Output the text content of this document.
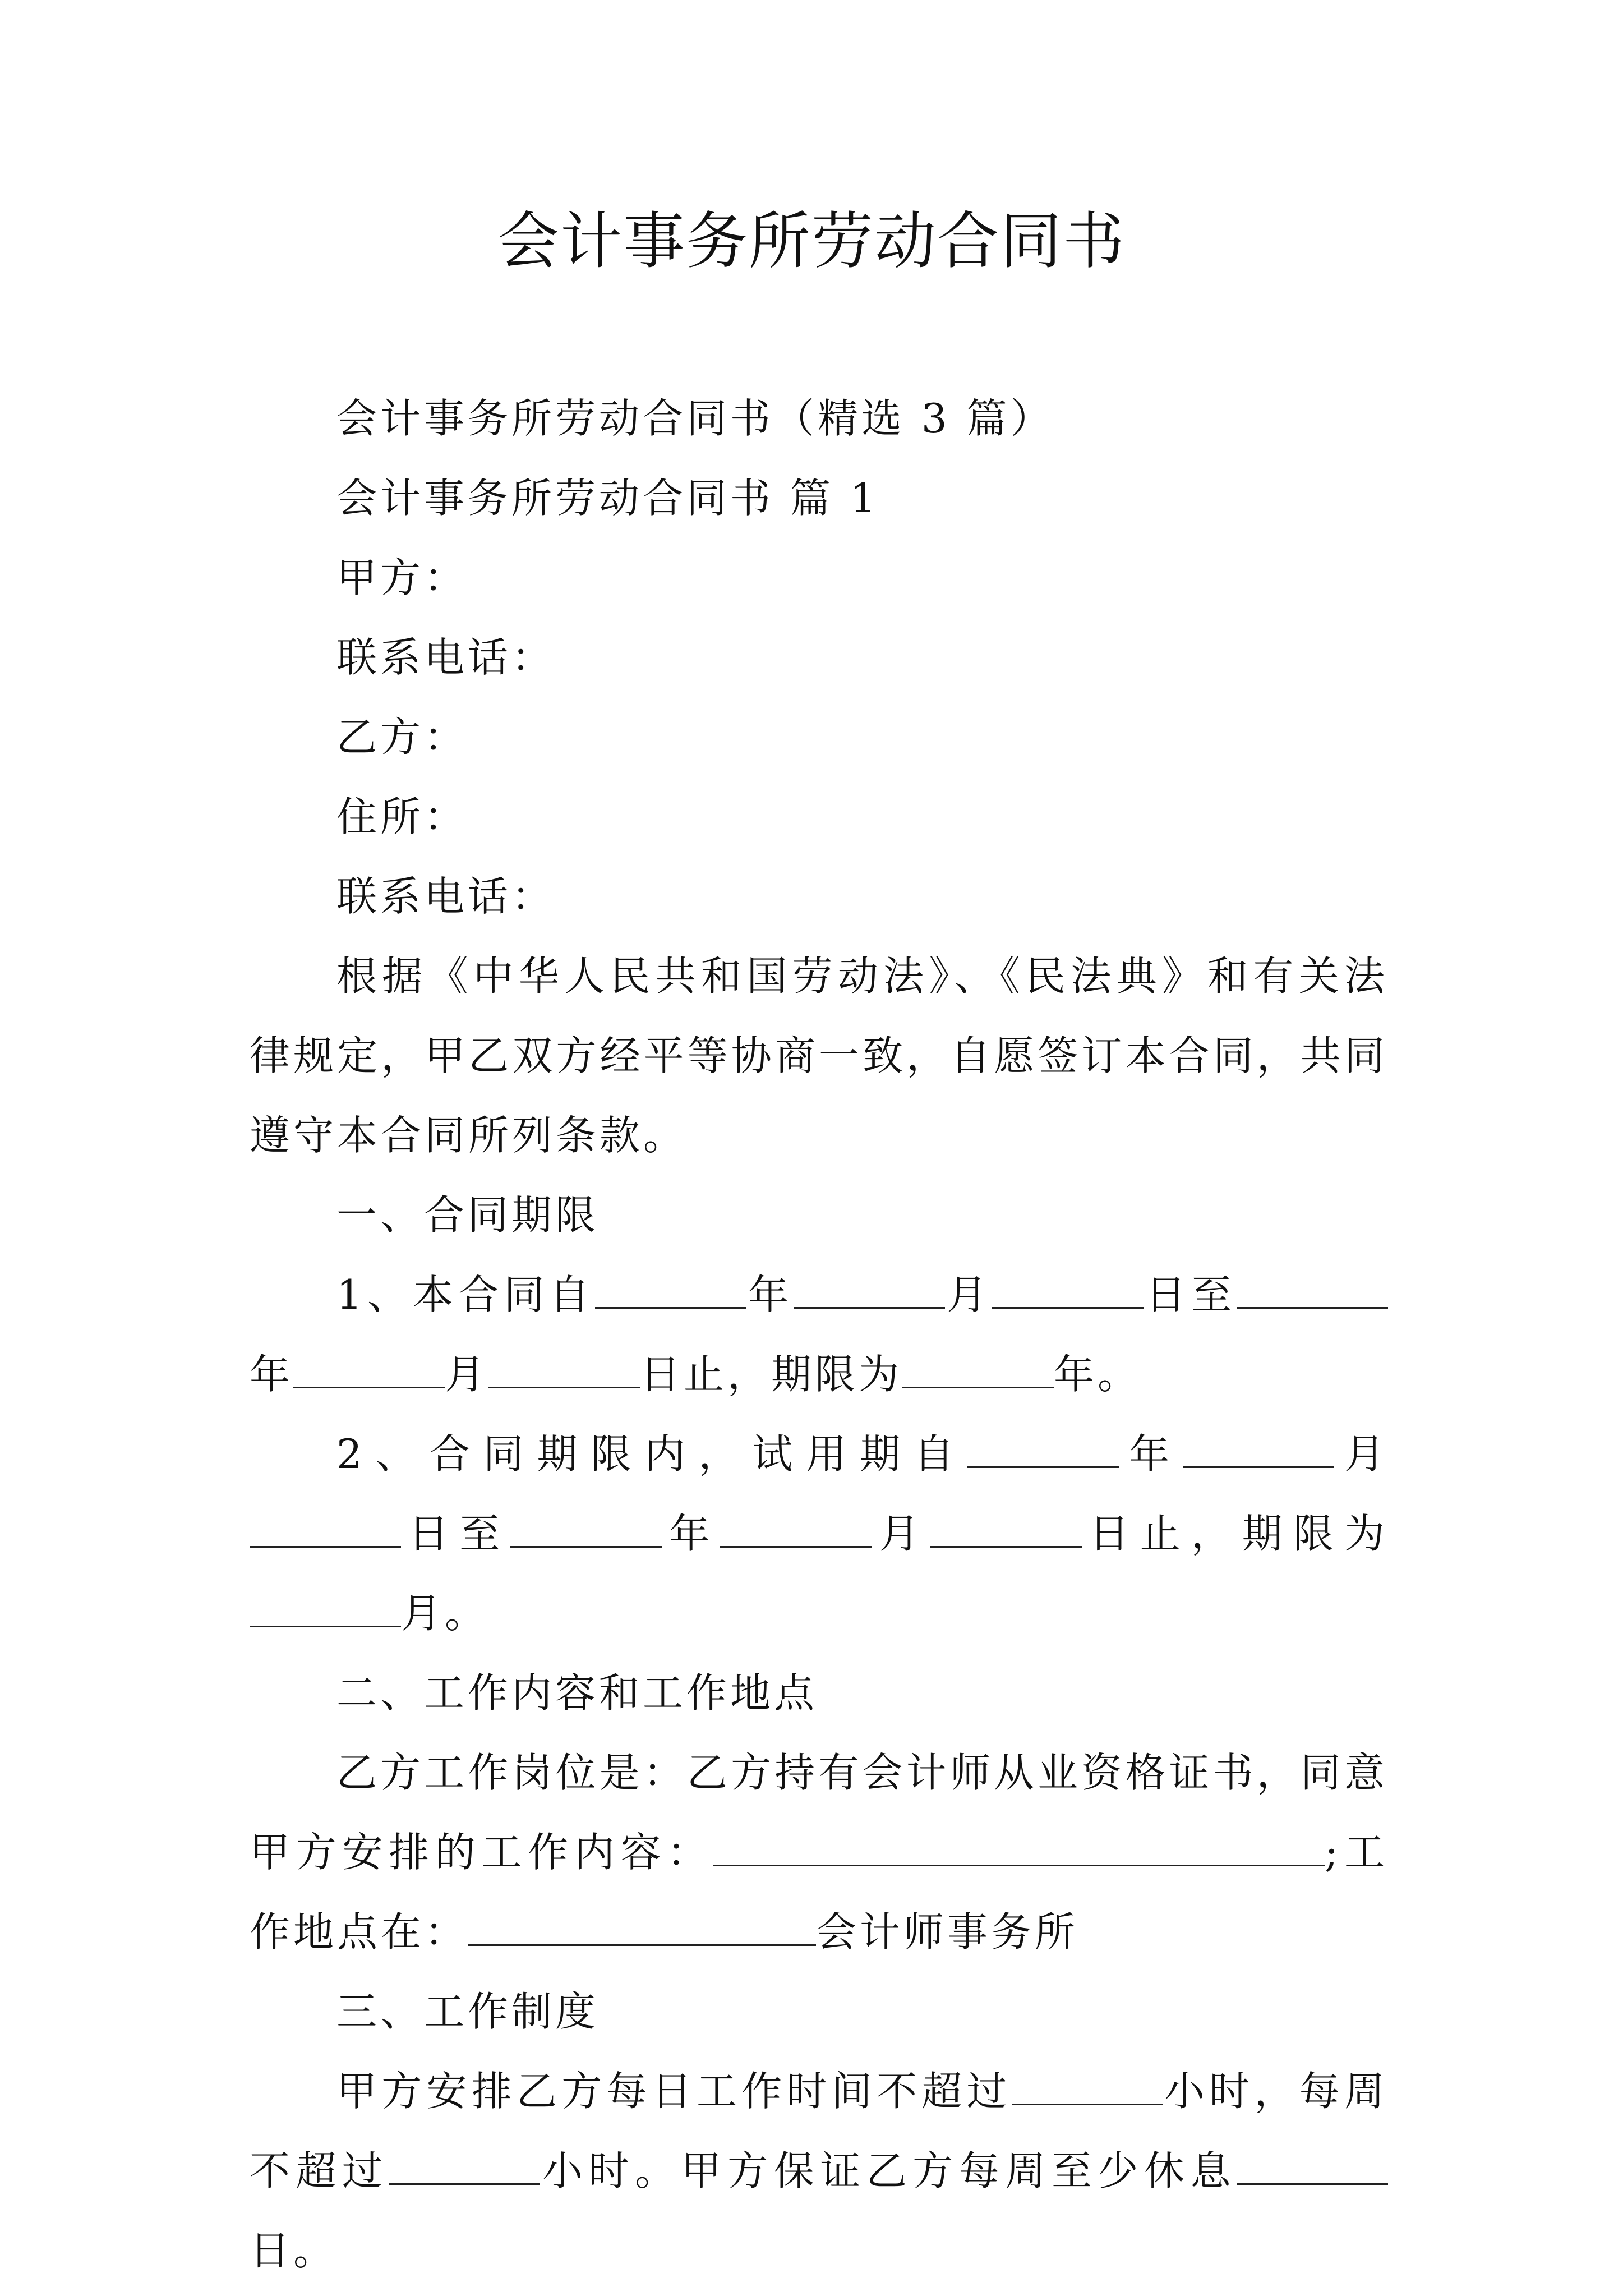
会计事务所劳动合同书

会计事务所劳动合同书（精选 3 篇）

会计事务所劳动合同书 篇 1

甲方：

联系电话：

乙方：

住所：

联系电话：

根据《中华人民共和国劳动法》、《民法典》和有关法律规定，甲乙双方经平等协商一致，自愿签订本合同，共同遵守本合同所列条款。

一、合同期限

1、本合同自	年	月	日至年	月	日止，期限为	年。

2、合同期限内，试用期自	年	月日至	年	月	日止，期限为月。

二、工作内容和工作地点

乙方工作岗位是：乙方持有会计师从业资格证书，同意甲方安排的工作内容：	;工作地点在：	会计师事务所

三、工作制度

甲方安排乙方每日工作时间不超过	小时，每周不超过	小时。甲方保证乙方每周至少休息日。
